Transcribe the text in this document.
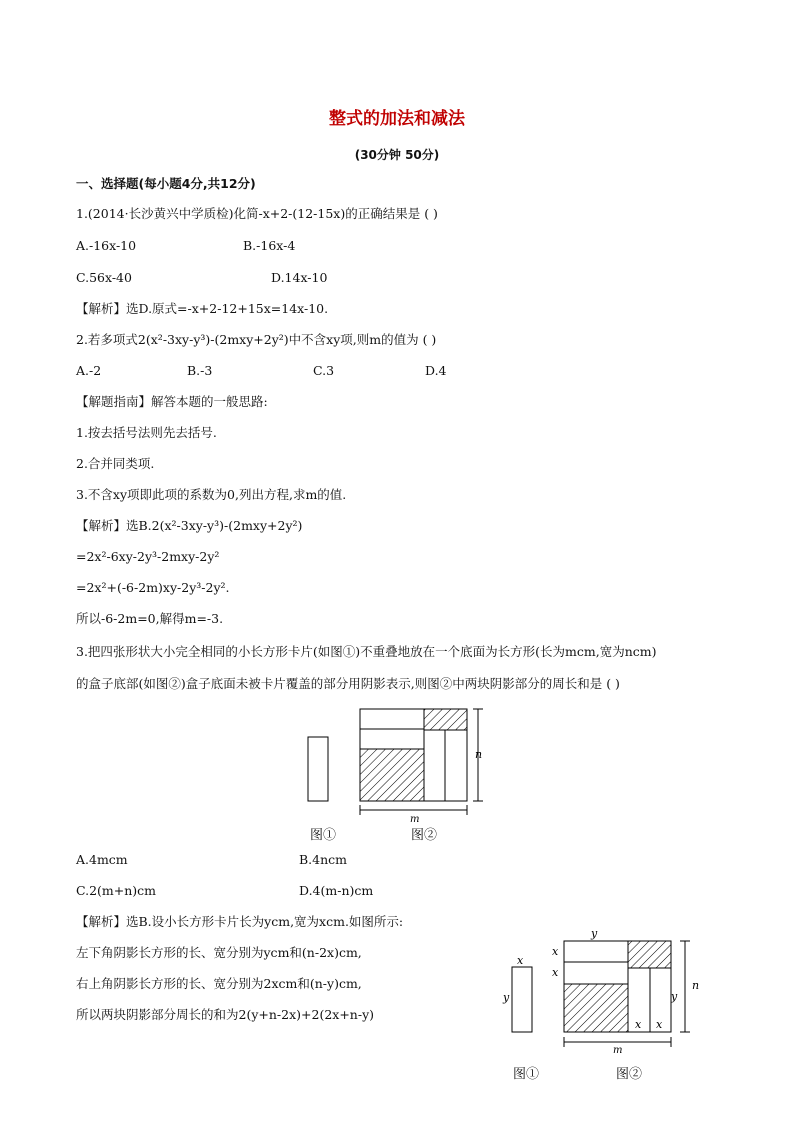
整式的加法和减法
(30分钟 50分)
一、选择题(每小题4分,共12分)
1.(2014·长沙黄兴中学质检)化简-x+2-(12-15x)的正确结果是 ( )
A.-16x-10	B.-16x-4
C.56x-40	D.14x-10
【解析】选D.原式=-x+2-12+15x=14x-10.
2.若多项式2(x²-3xy-y³)-(2mxy+2y²)中不含xy项,则m的值为 ( )
A.-2	B.-3	C.3	D.4
【解题指南】解答本题的一般思路:
1.按去括号法则先去括号.
2.合并同类项.
3.不含xy项即此项的系数为0,列出方程,求m的值.
【解析】选B.2(x²-3xy-y³)-(2mxy+2y²)
=2x²-6xy-2y³-2mxy-2y²
=2x²+(-6-2m)xy-2y³-2y².
所以-6-2m=0,解得m=-3.
3.把四张形状大小完全相同的小长方形卡片(如图①)不重叠地放在一个底面为长方形(长为mcm,宽为ncm)
的盒子底部(如图②)盒子底面未被卡片覆盖的部分用阴影表示,则图②中两块阴影部分的周长和是 ( )
n
m
图①	图②
A.4mcm	B.4ncm
C.2(m+n)cm	D.4(m-n)cm
【解析】选B.设小长方形卡片长为ycm,宽为xcm.如图所示:
左下角阴影长方形的长、宽分别为ycm和(n-2x)cm,
右上角阴影长方形的长、宽分别为2xcm和(n-y)cm,
所以两块阴影部分周长的和为2(y+n-2x)+2(2x+n-y)
x
y
y
x
x
y
x x
n
m
图①	图②
